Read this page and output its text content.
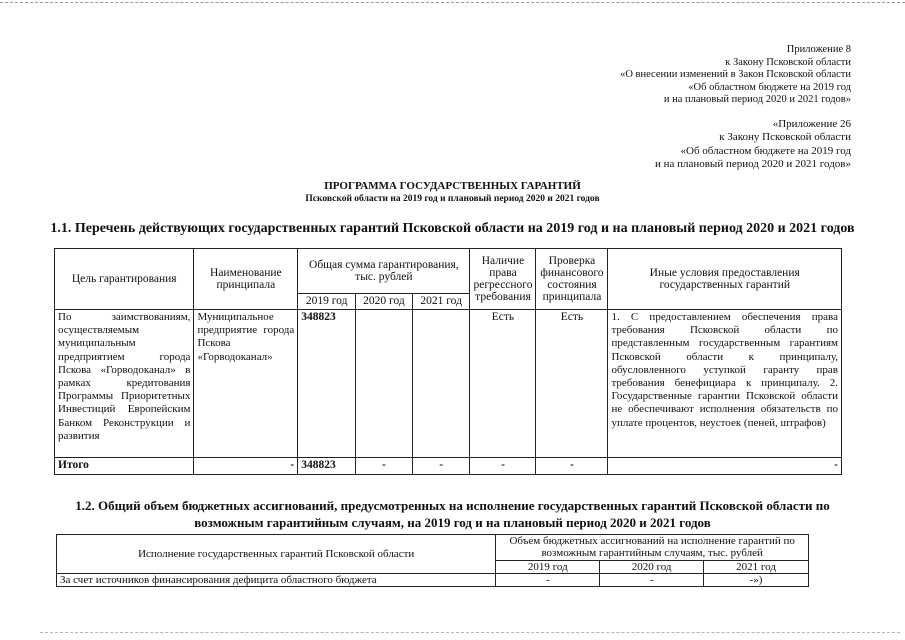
Приложение 8
к Закону Псковской области
«О внесении изменений в Закон Псковской области
«Об областном бюджете на 2019 год
и на плановый период 2020 и 2021 годов»
«Приложение 26
к Закону Псковской области
«Об областном бюджете на 2019 год
и на плановый период 2020 и 2021 годов»
ПРОГРАММА ГОСУДАРСТВЕННЫХ ГАРАНТИЙ
Псковской области на 2019 год и плановый период 2020 и 2021 годов
1.1. Перечень действующих государственных гарантий Псковской области на 2019 год и на плановый период 2020 и 2021 годов
Цель гарантирования	Наименование принципала	Общая сумма гарантирования, тыс. рублей			Наличие права регрессного требования	Проверка финансового состояния принципала	Иные условия предоставления государственных гарантий
		2019 год	2020 год	2021 год			
По заимствованиям, осуществляемым муниципальным предприятием города Пскова «Горводоканал» в рамках кредитования Программы Приоритетных Инвестиций Европейским Банком Реконструкции и развития	Муниципальное предприятие города Пскова «Горводоканал»	348823			Есть	Есть	1. С предоставлением обеспечения права требования Псковской области по представленным государственным гарантиям Псковской области к принципалу, обусловленного уступкой гаранту прав требования бенефициара к принципалу. 2. Государственные гарантии Псковской области не обеспечивают исполнения обязательств по уплате процентов, неустоек (пеней, штрафов)
Итого	-	348823	-	-	-	-	-
1.2. Общий объем бюджетных ассигнований, предусмотренных на исполнение государственных гарантий Псковской области по
возможным гарантийным случаям, на 2019 год и на плановый период 2020 и 2021 годов
Исполнение государственных гарантий Псковской области	Объем бюджетных ассигнований на исполнение гарантий по возможным гарантийным случаям, тыс. рублей		
	2019 год	2020 год	2021 год
За счет источников финансирования дефицита областного бюджета	-	-	-»)
